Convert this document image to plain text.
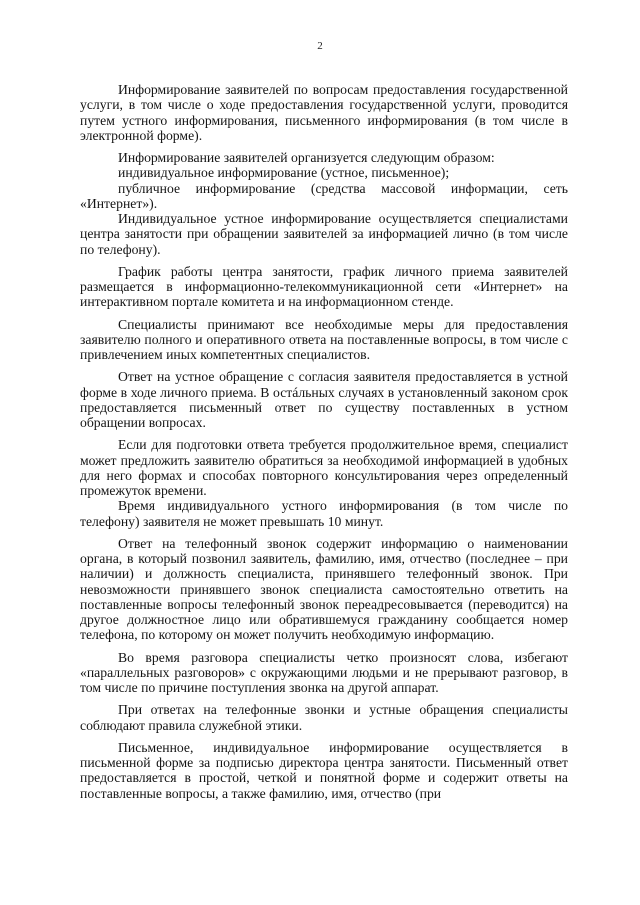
2

Информирование заявителей по вопросам предоставления государственной услуги, в том числе о ходе предоставления государственной услуги, проводится путем устного информирования, письменного информирования (в том числе в электронной форме).

Информирование заявителей организуется следующим образом:

индивидуальное информирование (устное, письменное);

публичное информирование (средства массовой информации, сеть «Интернет»).

Индивидуальное устное информирование осуществляется специалистами центра занятости при обращении заявителей за информацией лично (в том числе по телефону).

График работы центра занятости, график личного приема заявителей размещается в информационно-телекоммуникационной сети «Интернет» на интерактивном портале комитета и на информационном стенде.

Специалисты принимают все необходимые меры для предоставления заявителю полного и оперативного ответа на поставленные вопросы, в том числе с привлечением иных компетентных специалистов.

Ответ на устное обращение с согласия заявителя предоставляется в устной форме в ходе личного приема. В остáльных случаях в установленный законом срок предоставляется письменный ответ по существу поставленных в устном обращении вопросах.

Если для подготовки ответа требуется продолжительное время, специалист может предложить заявителю обратиться за необходимой информацией в удобных для него формах и способах повторного консультирования через определенный промежуток времени.

Время индивидуального устного информирования (в том числе по телефону) заявителя не может превышать 10 минут.

Ответ на телефонный звонок содержит информацию о наименовании органа, в который позвонил заявитель, фамилию, имя, отчество (последнее – при наличии) и должность специалиста, принявшего телефонный звонок. При невозможности принявшего звонок специалиста самостоятельно ответить на поставленные вопросы телефонный звонок переадресовывается (переводится) на другое должностное лицо или обратившемуся гражданину сообщается номер телефона, по которому он может получить необходимую информацию.

Во время разговора специалисты четко произносят слова, избегают «параллельных разговоров» с окружающими людьми и не прерывают разговор, в том числе по причине поступления звонка на другой аппарат.

При ответах на телефонные звонки и устные обращения специалисты соблюдают правила служебной этики.

Письменное, индивидуальное информирование осуществляется в письменной форме за подписью директора центра занятости. Письменный ответ предоставляется в простой, четкой и понятной форме и содержит ответы на поставленные вопросы, а также фамилию, имя, отчество (при
